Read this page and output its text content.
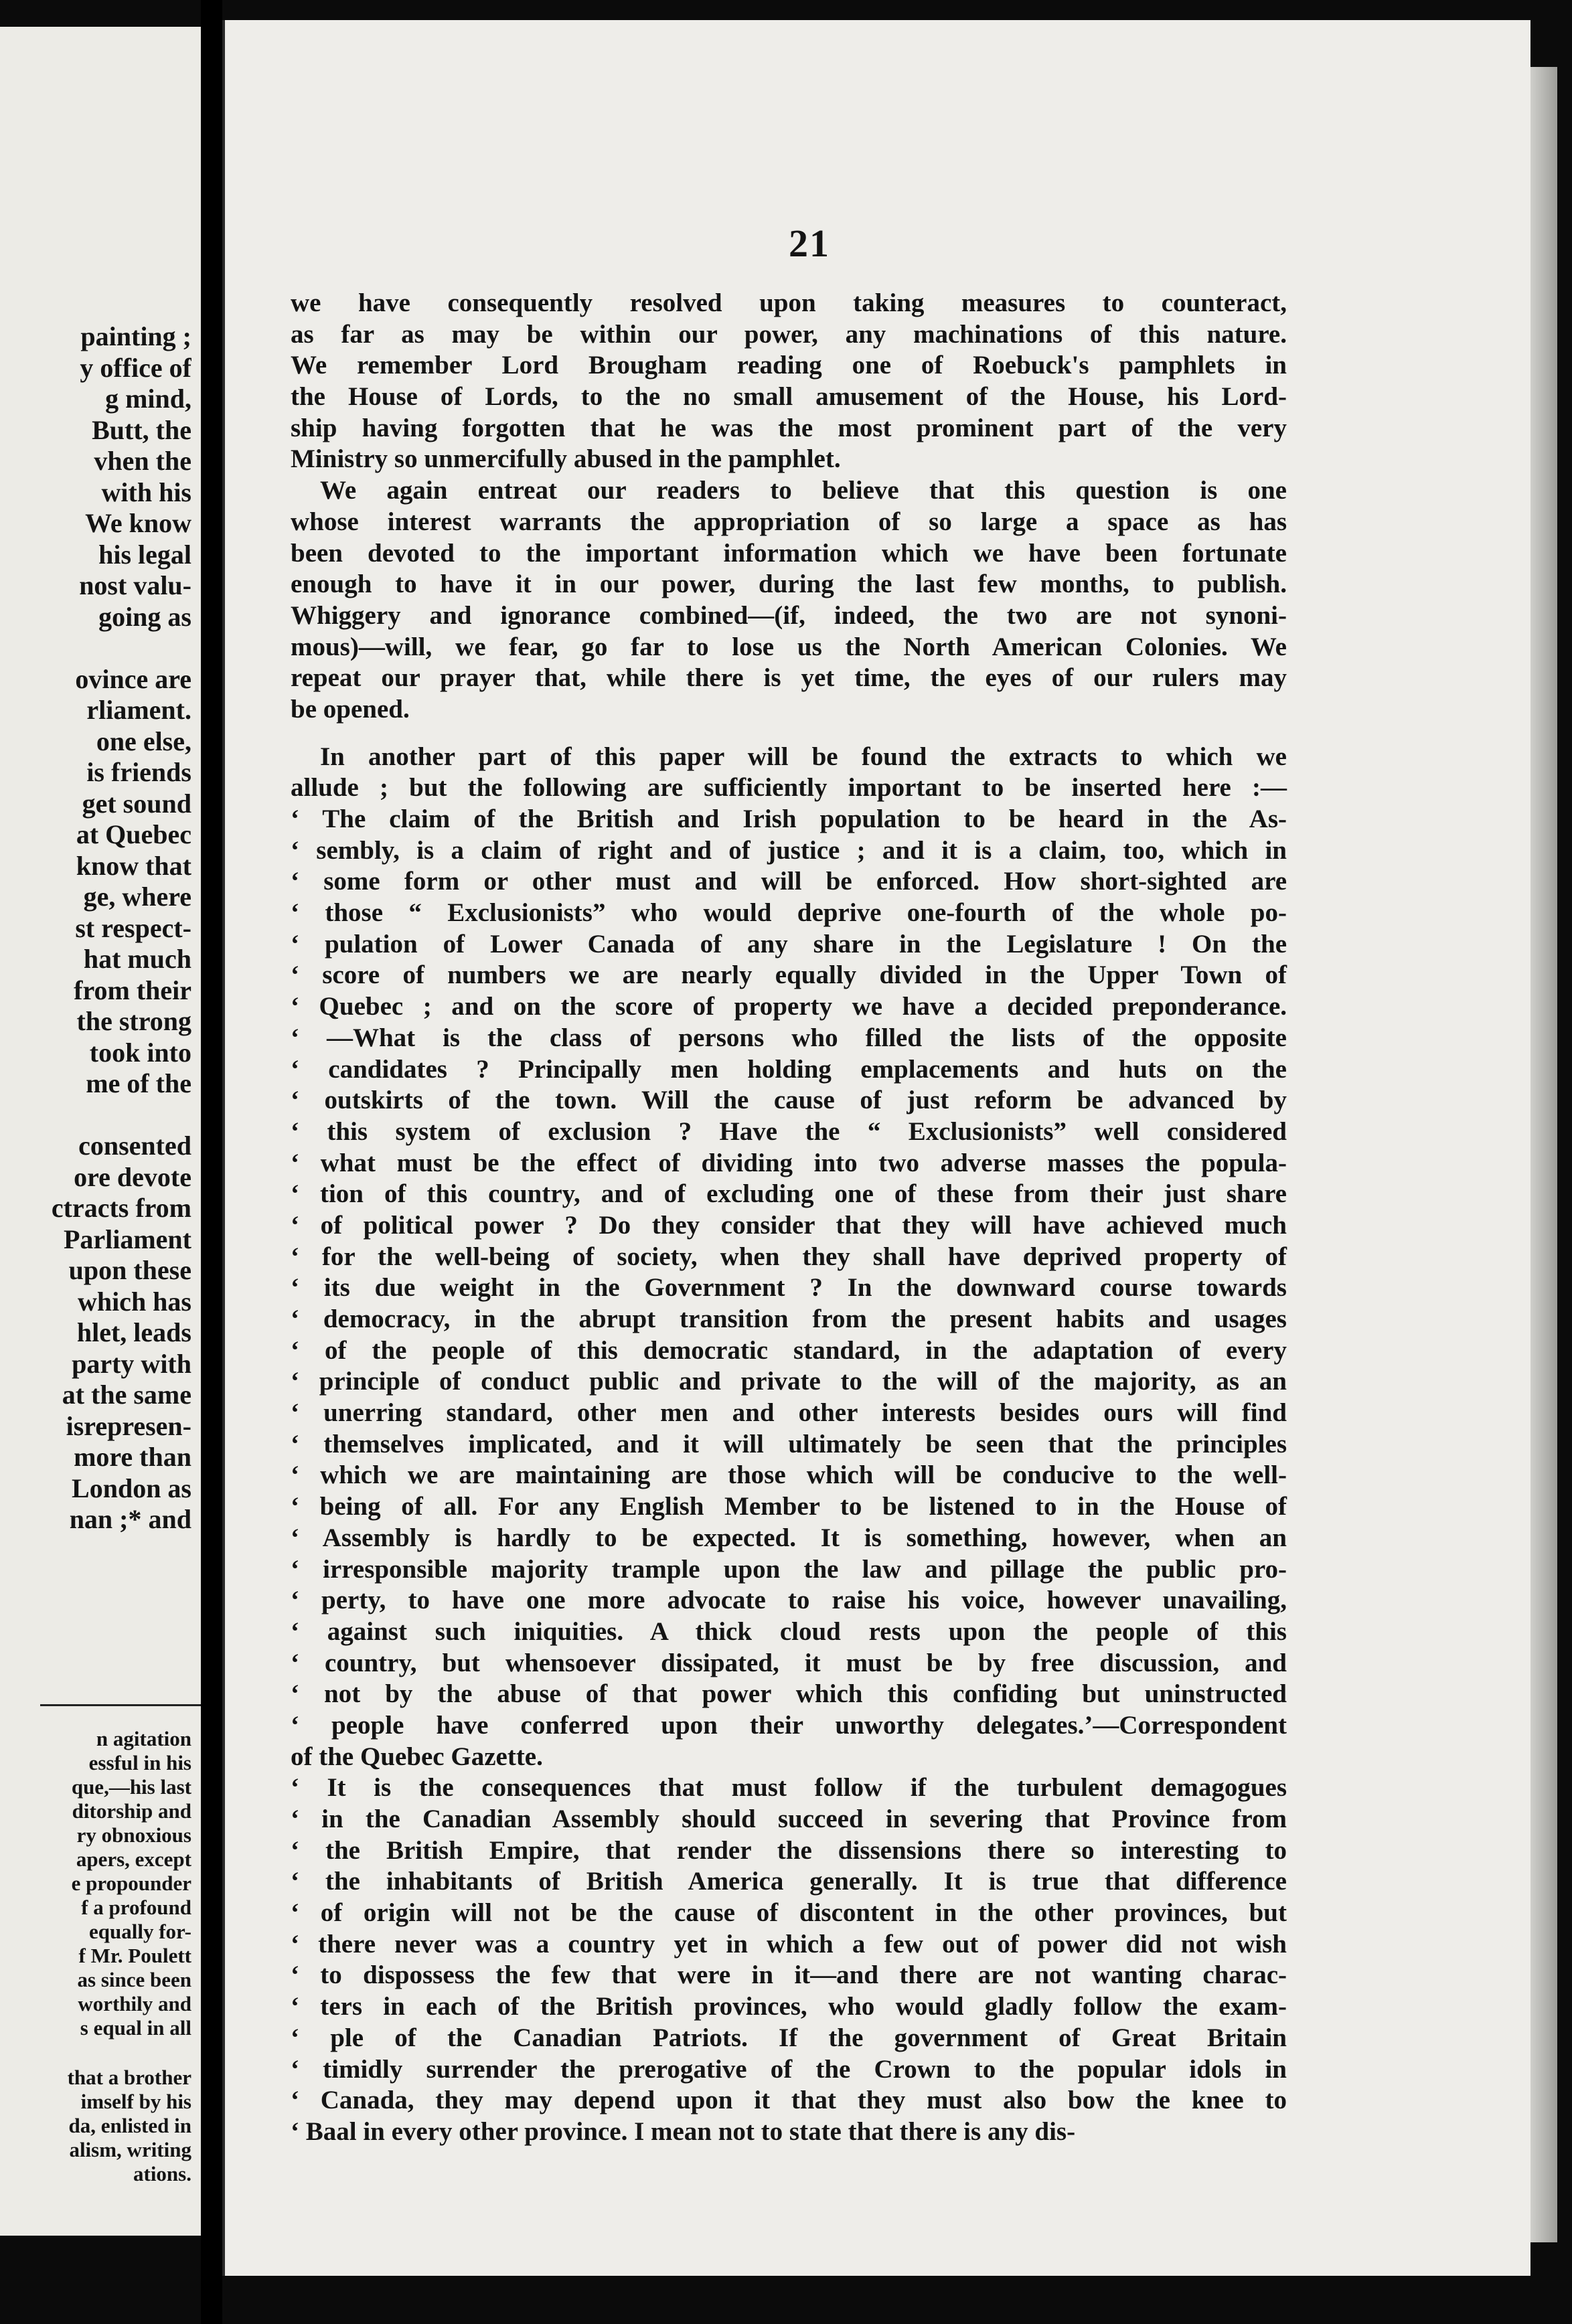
painting ;
y office of
g mind,
Butt, the
vhen the
with his
We know
his legal
nost valu-
going as
ovince are
rliament.
one else,
is friends
get sound
at Quebec
know that
ge, where
st respect-
hat much
from their
the strong
took into
me of the
consented
ore devote
ctracts from
Parliament
upon these
which has
hlet, leads
party with
at the same
isrepresen-
more than
London as
nan ;* and
n agitation
essful in his
que,—his last
ditorship and
ry obnoxious
apers, except
e propounder
f a profound
equally for-
f Mr. Poulett
as since been
worthily and
s equal in all
that a brother
imself by his
da, enlisted in
alism, writing
ations.
21
we have consequently resolved upon taking measures to counteract,
as far as may be within our power, any machinations of this nature.
We remember Lord Brougham reading one of Roebuck's pamphlets in
the House of Lords, to the no small amusement of the House, his Lord-
ship having forgotten that he was the most prominent part of the very
Ministry so unmercifully abused in the pamphlet.
We again entreat our readers to believe that this question is one
whose interest warrants the appropriation of so large a space as has
been devoted to the important information which we have been fortunate
enough to have it in our power, during the last few months, to publish.
Whiggery and ignorance combined—(if, indeed, the two are not synoni-
mous)—will, we fear, go far to lose us the North American Colonies. We
repeat our prayer that, while there is yet time, the eyes of our rulers may
be opened.
In another part of this paper will be found the extracts to which we
allude ; but the following are sufficiently important to be inserted here :—
‘ The claim of the British and Irish population to be heard in the As-
‘ sembly, is a claim of right and of justice ; and it is a claim, too, which in
‘ some form or other must and will be enforced. How short-sighted are
‘ those “ Exclusionists” who would deprive one-fourth of the whole po-
‘ pulation of Lower Canada of any share in the Legislature ! On the
‘ score of numbers we are nearly equally divided in the Upper Town of
‘ Quebec ; and on the score of property we have a decided preponderance.
‘ —What is the class of persons who filled the lists of the opposite
‘ candidates ? Principally men holding emplacements and huts on the
‘ outskirts of the town. Will the cause of just reform be advanced by
‘ this system of exclusion ? Have the “ Exclusionists” well considered
‘ what must be the effect of dividing into two adverse masses the popula-
‘ tion of this country, and of excluding one of these from their just share
‘ of political power ? Do they consider that they will have achieved much
‘ for the well-being of society, when they shall have deprived property of
‘ its due weight in the Government ? In the downward course towards
‘ democracy, in the abrupt transition from the present habits and usages
‘ of the people of this democratic standard, in the adaptation of every
‘ principle of conduct public and private to the will of the majority, as an
‘ unerring standard, other men and other interests besides ours will find
‘ themselves implicated, and it will ultimately be seen that the principles
‘ which we are maintaining are those which will be conducive to the well-
‘ being of all. For any English Member to be listened to in the House of
‘ Assembly is hardly to be expected. It is something, however, when an
‘ irresponsible majority trample upon the law and pillage the public pro-
‘ perty, to have one more advocate to raise his voice, however unavailing,
‘ against such iniquities. A thick cloud rests upon the people of this
‘ country, but whensoever dissipated, it must be by free discussion, and
‘ not by the abuse of that power which this confiding but uninstructed
‘ people have conferred upon their unworthy delegates.’—Correspondent
of the Quebec Gazette.
‘ It is the consequences that must follow if the turbulent demagogues
‘ in the Canadian Assembly should succeed in severing that Province from
‘ the British Empire, that render the dissensions there so interesting to
‘ the inhabitants of British America generally. It is true that difference
‘ of origin will not be the cause of discontent in the other provinces, but
‘ there never was a country yet in which a few out of power did not wish
‘ to dispossess the few that were in it—and there are not wanting charac-
‘ ters in each of the British provinces, who would gladly follow the exam-
‘ ple of the Canadian Patriots. If the government of Great Britain
‘ timidly surrender the prerogative of the Crown to the popular idols in
‘ Canada, they may depend upon it that they must also bow the knee to
‘ Baal in every other province. I mean not to state that there is any dis-
